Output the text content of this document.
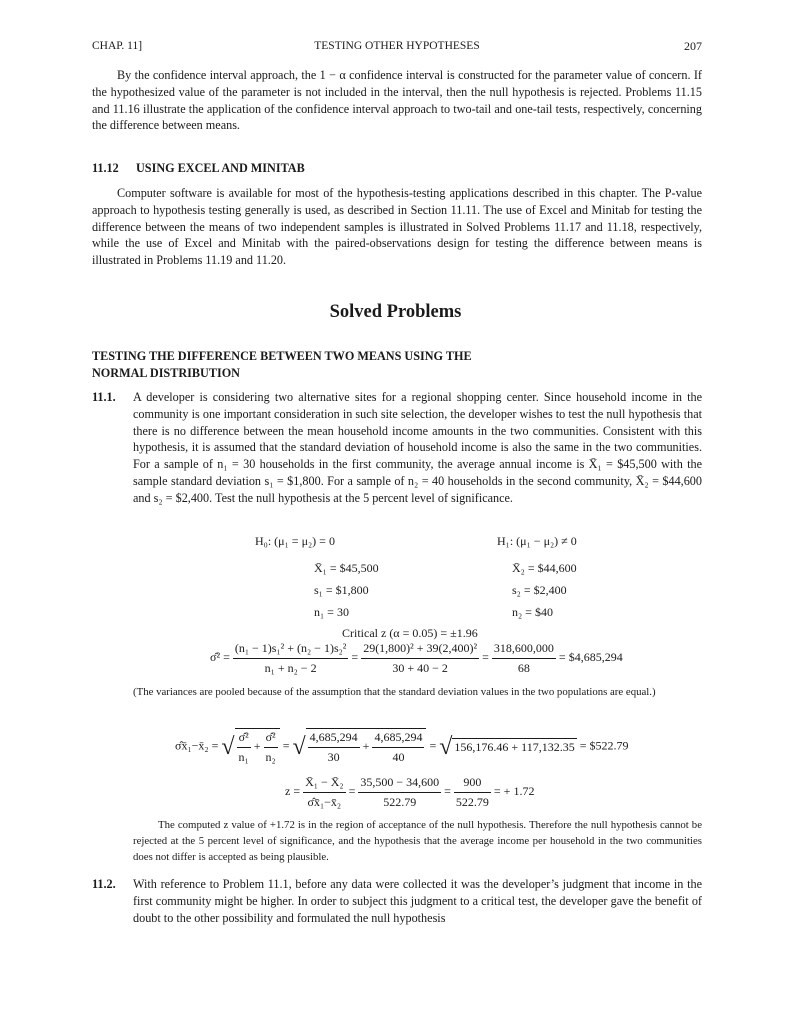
CHAP. 11]	TESTING OTHER HYPOTHESES	207

By the confidence interval approach, the 1 − α confidence interval is constructed for the parameter value of concern. If the hypothesized value of the parameter is not included in the interval, then the null hypothesis is rejected. Problems 11.15 and 11.16 illustrate the application of the confidence interval approach to two-tail and one-tail tests, respectively, concerning the difference between means.

11.12 USING EXCEL AND MINITAB

Computer software is available for most of the hypothesis-testing applications described in this chapter. The P-value approach to hypothesis testing generally is used, as described in Section 11.11. The use of Excel and Minitab for testing the difference between the means of two independent samples is illustrated in Solved Problems 11.17 and 11.18, respectively, while the use of Excel and Minitab with the paired-observations design for testing the difference between means is illustrated in Problems 11.19 and 11.20.

Solved Problems

TESTING THE DIFFERENCE BETWEEN TWO MEANS USING THE
NORMAL DISTRIBUTION

11.1. A developer is considering two alternative sites for a regional shopping center. Since household income in the community is one important consideration in such site selection, the developer wishes to test the null hypothesis that there is no difference between the mean household income amounts in the two communities. Consistent with this hypothesis, it is assumed that the standard deviation of household income is also the same in the two communities. For a sample of n₁ = 30 households in the first community, the average annual income is X̄₁ = $45,500 with the sample standard deviation s₁ = $1,800. For a sample of n₂ = 40 households in the second community, X̄₂ = $44,600 and s₂ = $2,400. Test the null hypothesis at the 5 percent level of significance.

H₀: (μ₁ = μ₂) = 0	H₁: (μ₁ − μ₂) ≠ 0
X̄₁ = $45,500	X̄₂ = $44,600
s₁ = $1,800	s₂ = $2,400
n₁ = 30	n₂ = $40
Critical z (α = 0.05) = ±1.96
σ̂² = $\frac{\text{(n₁ − 1)s₁² + (n₂ − 1)s₂²}}{\text{n₁ + n₂ − 2}} = \frac{\text{29(1,800)² + 39(2,400)²}}{30 + 40 - 2} = \frac{318,600,000}{68}$ = $4,685,294

(The variances are pooled because of the assumption that the standard deviation values in the two populations are equal.)

σ̂x̄₁−x̄₂ = √ $\frac{\text{σ̂²}}{\text{n₁}} + \frac{\text{σ̂²}}{\text{n₂}}$ = √ $\frac{4,685,294}{30} + \frac{4,685,294}{40}$ = √ 156,176.46 + 117,132.35 = $522.79
$z = \frac{\text{X̄₁ − X̄₂}}{\text{σ̂x̄₁−x̄₂}} = \frac{35,500 - 34,600}{522.79} = \frac{900}{522.79}$ = + 1.72

The computed z value of +1.72 is in the region of acceptance of the null hypothesis. Therefore the null hypothesis cannot be rejected at the 5 percent level of significance, and the hypothesis that the average income per household in the two communities does not differ is accepted as being plausible.

11.2. With reference to Problem 11.1, before any data were collected it was the developer’s judgment that income in the first community might be higher. In order to subject this judgment to a critical test, the developer gave the benefit of doubt to the other possibility and formulated the null hypothesis
